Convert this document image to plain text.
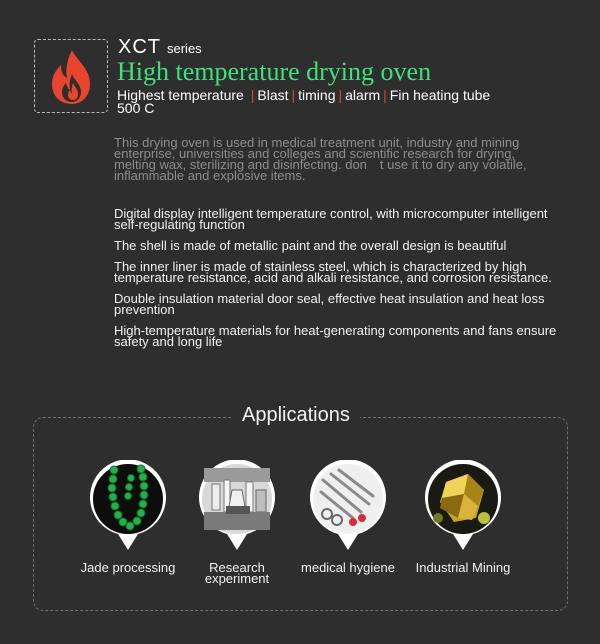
XCT series
High temperature drying oven
Highest temperature | Blast | timing | alarm | Fin heating tube
500 C
This drying oven is used in medical treatment unit, industry and mining enterprise, universities and colleges and scientific research for drying, melting wax, sterilizing and disinfecting. don　t use it to dry any volatile, inflammable and explosive items.
Digital display intelligent temperature control, with microcomputer intelligent self-regulating function
The shell is made of metallic paint and the overall design is beautiful
The inner liner is made of stainless steel, which is characterized by high temperature resistance, acid and alkali resistance, and corrosion resistance.
Double insulation material door seal, effective heat insulation and heat loss prevention
High-temperature materials for heat-generating components and fans ensure safety and long life
Applications
Jade processing	Research
experiment
medical hygiene	Industrial Mining
